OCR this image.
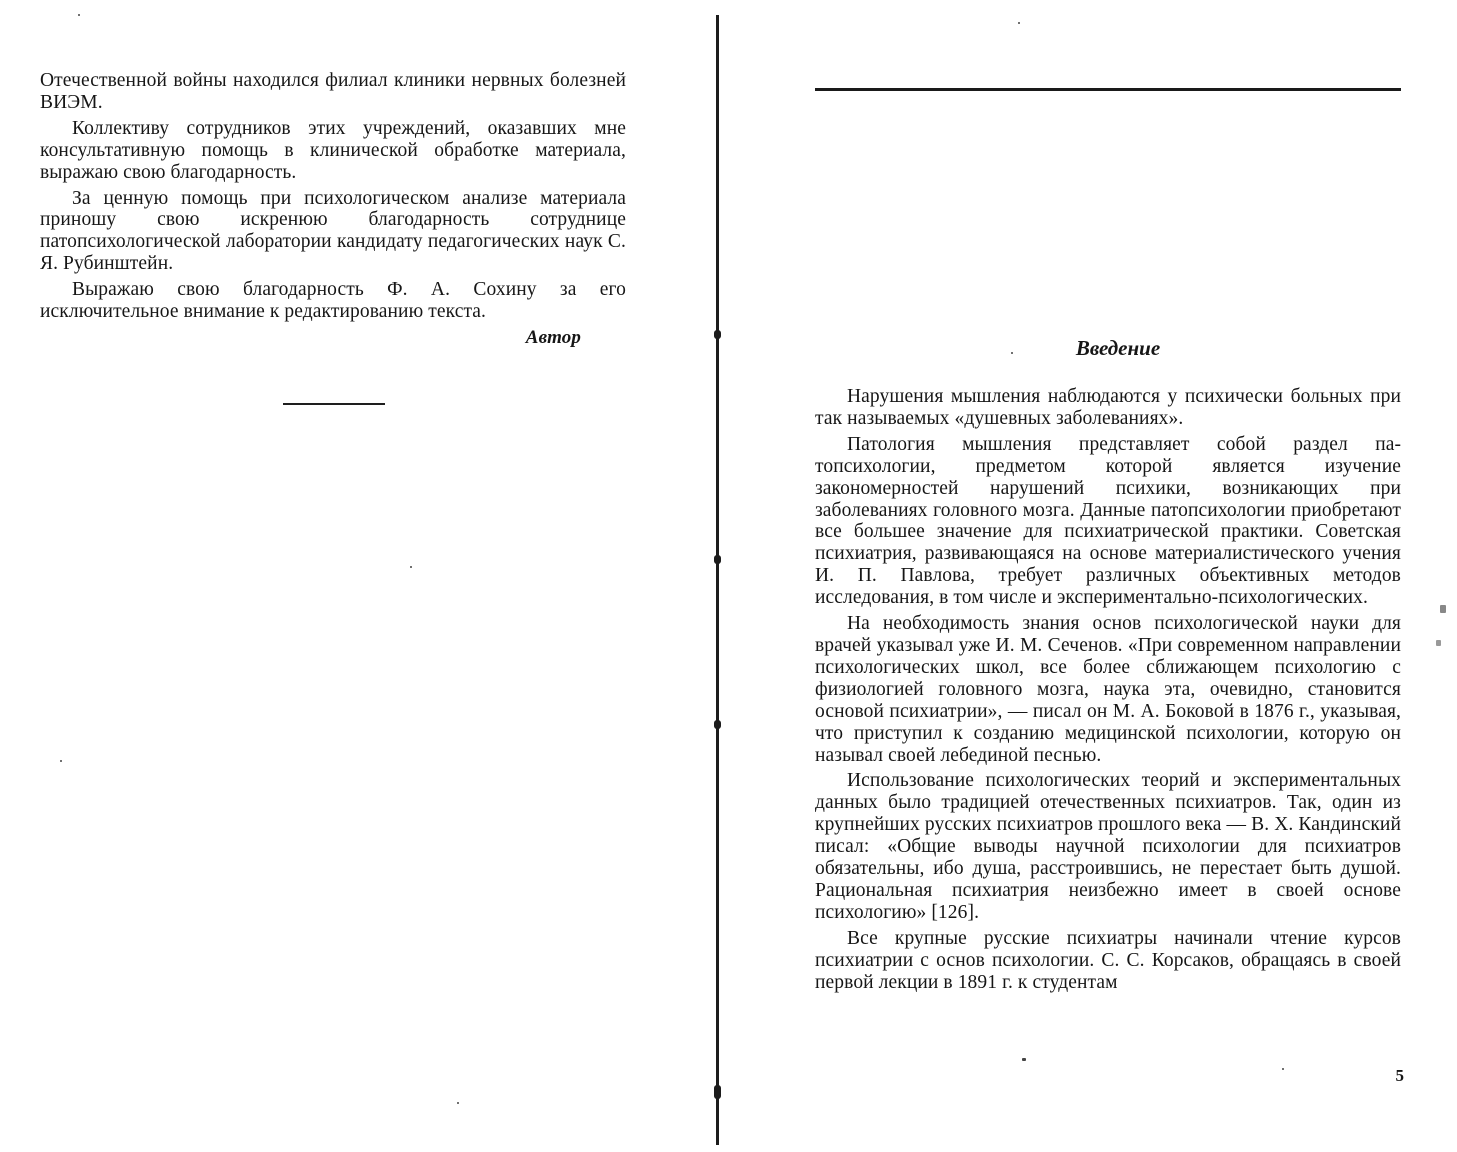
Отечественной войны находился филиал клиники нервных болезней ВИЭМ.

Коллективу сотрудников этих учреждений, оказавших мне консультативную помощь в клинической обработке материала, выражаю свою благодарность.

За ценную помощь при психологическом анализе материала приношу свою искренюю благодарность сотруднице патопсихологической лаборатории кандидату педагогических наук С. Я. Рубинштейн.

Выражаю свою благодарность Ф. А. Сохину за его исключительное внимание к редактированию текста.

Автор	Введение

Нарушения мышления наблюдаются у психически больных при так называемых «душевных заболеваниях».

Патология мышления представляет собой раздел патопсихологии, предметом которой является изучение закономерностей нарушений психики, возникающих при заболеваниях головного мозга. Данные патопсихологии приобретают все большее значение для психиатрической практики. Советская психиатрия, развивающаяся на основе материалистического учения И. П. Павлова, требует различных объективных методов исследования, в том числе и экспериментально-психологических.

На необходимость знания основ психологической науки для врачей указывал уже И. М. Сеченов. «При современном направлении психологических школ, все более сближающем психологию с физиологией головного мозга, наука эта, очевидно, становится основой психиатрии», — писал он М. А. Боковой в 1876 г., указывая, что приступил к созданию медицинской психологии, которую он называл своей лебединой песнью.

Использование психологических теорий и экспериментальных данных было традицией отечественных психиатров. Так, один из крупнейших русских психиатров прошлого века — В. Х. Кандинский писал: «Общие выводы научной психологии для психиатров обязательны, ибо душа, расстроившись, не перестает быть душой. Рациональная психиатрия неизбежно имеет в своей основе психологию» [126].

Все крупные русские психиатры начинали чтение курсов психиатрии с основ психологии. С. С. Корсаков, обращаясь в своей первой лекции в 1891 г. к студентам

5
